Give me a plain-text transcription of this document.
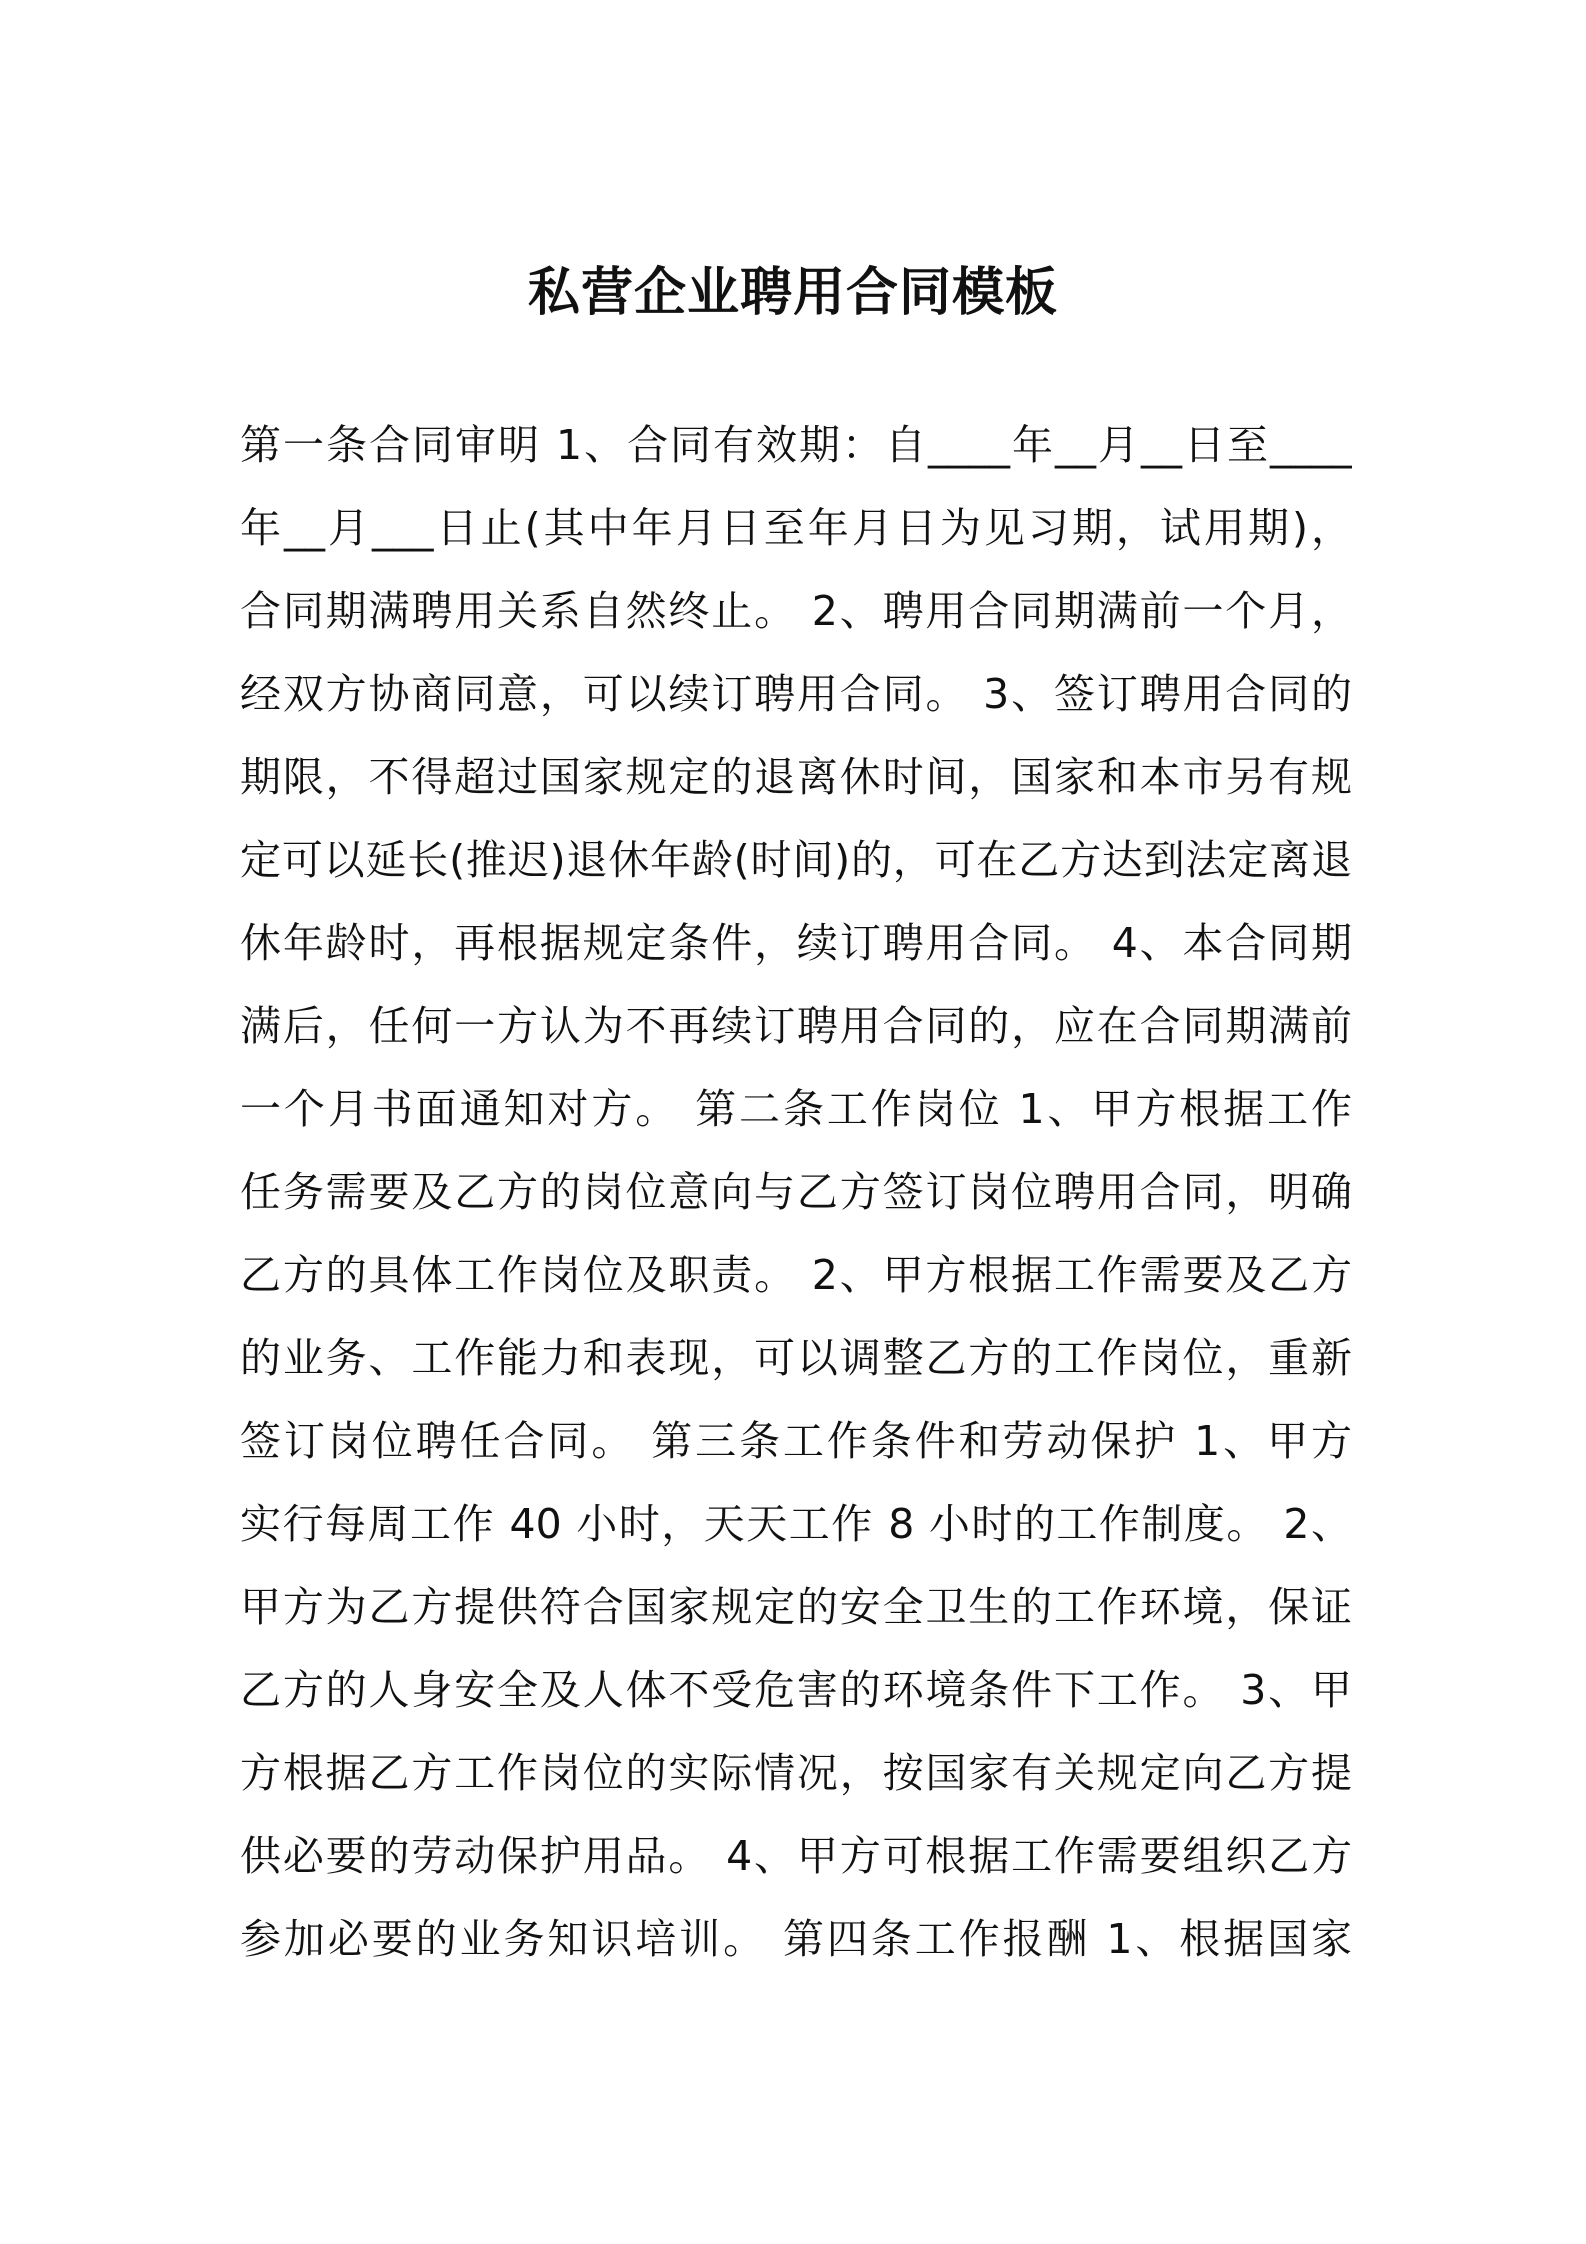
私营企业聘用合同模板
第一条合同审明 1、合同有效期：自____年__月__日至____
年__月___日止(其中年月日至年月日为见习期，试用期)，
合同期满聘用关系自然终止。 2、聘用合同期满前一个月，
经双方协商同意，可以续订聘用合同。 3、签订聘用合同的
期限，不得超过国家规定的退离休时间，国家和本市另有规
定可以延长(推迟)退休年龄(时间)的，可在乙方达到法定离退
休年龄时，再根据规定条件，续订聘用合同。 4、本合同期
满后，任何一方认为不再续订聘用合同的，应在合同期满前
一个月书面通知对方。 第二条工作岗位 1、甲方根据工作
任务需要及乙方的岗位意向与乙方签订岗位聘用合同，明确
乙方的具体工作岗位及职责。 2、甲方根据工作需要及乙方
的业务、工作能力和表现，可以调整乙方的工作岗位，重新
签订岗位聘任合同。 第三条工作条件和劳动保护 1、甲方
实行每周工作 40 小时，天天工作 8 小时的工作制度。 2、
甲方为乙方提供符合国家规定的安全卫生的工作环境，保证
乙方的人身安全及人体不受危害的环境条件下工作。 3、甲
方根据乙方工作岗位的实际情况，按国家有关规定向乙方提
供必要的劳动保护用品。 4、甲方可根据工作需要组织乙方
参加必要的业务知识培训。 第四条工作报酬 1、根据国家
